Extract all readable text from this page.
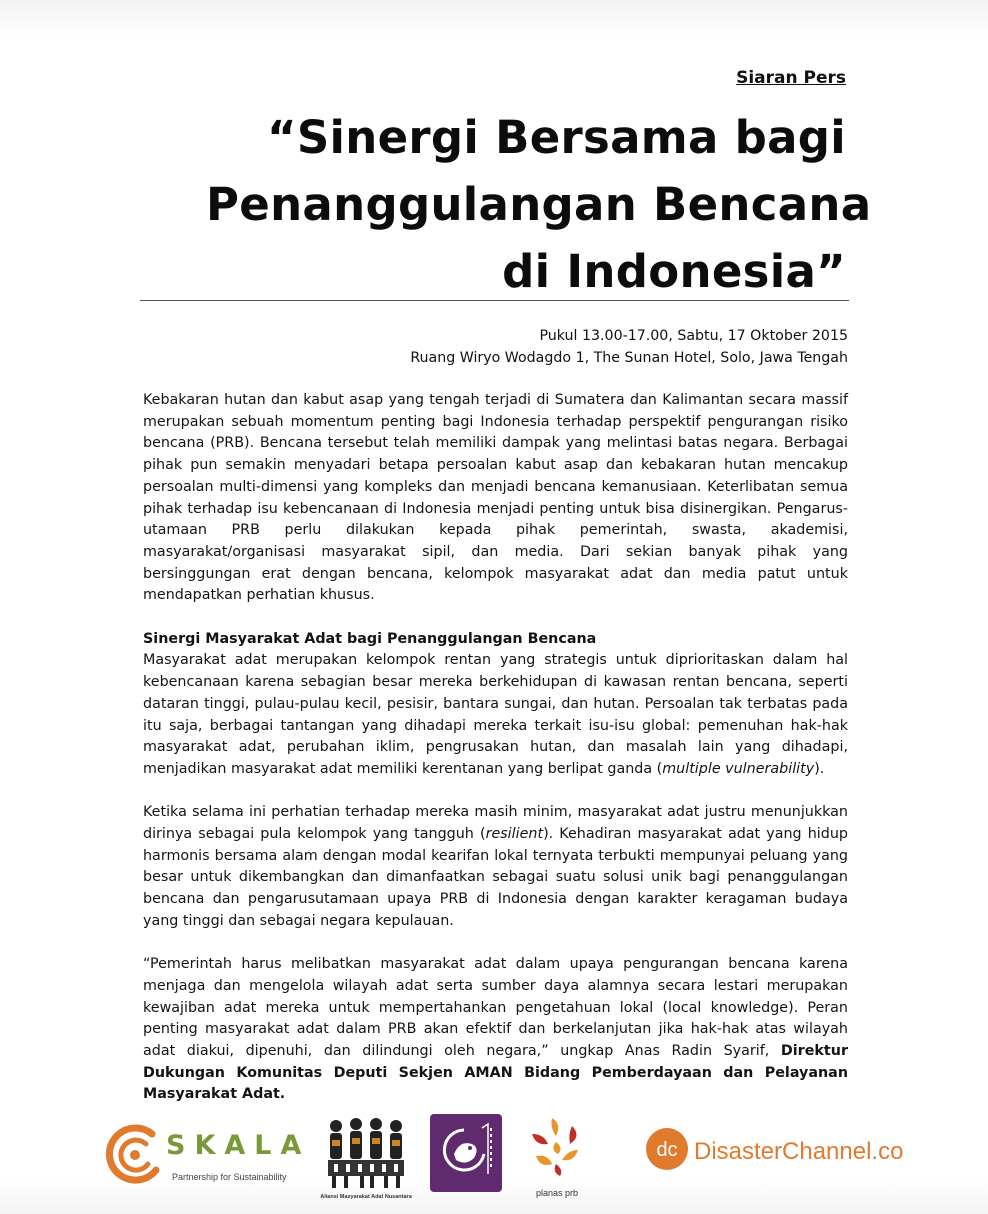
Siaran Pers
“Sinergi Bersama bagi
Penanggulangan Bencana
di Indonesia”
Pukul 13.00-17.00, Sabtu, 17 Oktober 2015
Ruang Wiryo Wodagdo 1, The Sunan Hotel, Solo, Jawa Tengah

Kebakaran hutan dan kabut asap yang tengah terjadi di Sumatera dan Kalimantan secara massif merupakan sebuah momentum penting bagi Indonesia terhadap perspektif pengurangan risiko bencana (PRB). Bencana tersebut telah memiliki dampak yang melintasi batas negara. Berbagai pihak pun semakin menyadari betapa persoalan kabut asap dan kebakaran hutan mencakup persoalan multi-dimensi yang kompleks dan menjadi bencana kemanusiaan. Keterlibatan semua pihak terhadap isu kebencanaan di Indonesia menjadi penting untuk bisa disinergikan. Pengarus-utamaan PRB perlu dilakukan kepada pihak pemerintah, swasta, akademisi, masyarakat/organisasi masyarakat sipil, dan media. Dari sekian banyak pihak yang bersinggungan erat dengan bencana, kelompok masyarakat adat dan media patut untuk mendapatkan perhatian khusus.

Sinergi Masyarakat Adat bagi Penanggulangan Bencana

Masyarakat adat merupakan kelompok rentan yang strategis untuk diprioritaskan dalam hal kebencanaan karena sebagian besar mereka berkehidupan di kawasan rentan bencana, seperti dataran tinggi, pulau-pulau kecil, pesisir, bantara sungai, dan hutan. Persoalan tak terbatas pada itu saja, berbagai tantangan yang dihadapi mereka terkait isu-isu global: pemenuhan hak-hak masyarakat adat, perubahan iklim, pengrusakan hutan, dan masalah lain yang dihadapi, menjadikan masyarakat adat memiliki kerentanan yang berlipat ganda (multiple vulnerability).

Ketika selama ini perhatian terhadap mereka masih minim, masyarakat adat justru menunjukkan dirinya sebagai pula kelompok yang tangguh (resilient). Kehadiran masyarakat adat yang hidup harmonis bersama alam dengan modal kearifan lokal ternyata terbukti mempunyai peluang yang besar untuk dikembangkan dan dimanfaatkan sebagai suatu solusi unik bagi penanggulangan bencana dan pengarusutamaan upaya PRB di Indonesia dengan karakter keragaman budaya yang tinggi dan sebagai negara kepulauan.

“Pemerintah harus melibatkan masyarakat adat dalam upaya pengurangan bencana karena menjaga dan mengelola wilayah adat serta sumber daya alamnya secara lestari merupakan kewajiban adat mereka untuk mempertahankan pengetahuan lokal (local knowledge). Peran penting masyarakat adat dalam PRB akan efektif dan berkelanjutan jika hak-hak atas wilayah adat diakui, dipenuhi, dan dilindungi oleh negara,” ungkap Anas Radin Syarif, Direktur Dukungan Komunitas Deputi Sekjen AMAN Bidang Pemberdayaan dan Pelayanan Masyarakat Adat.

SKALA
Partnership for Sustainability
Aliansi Masyarakat Adat Nusantara	planas prb
dc DisasterChannel.co
